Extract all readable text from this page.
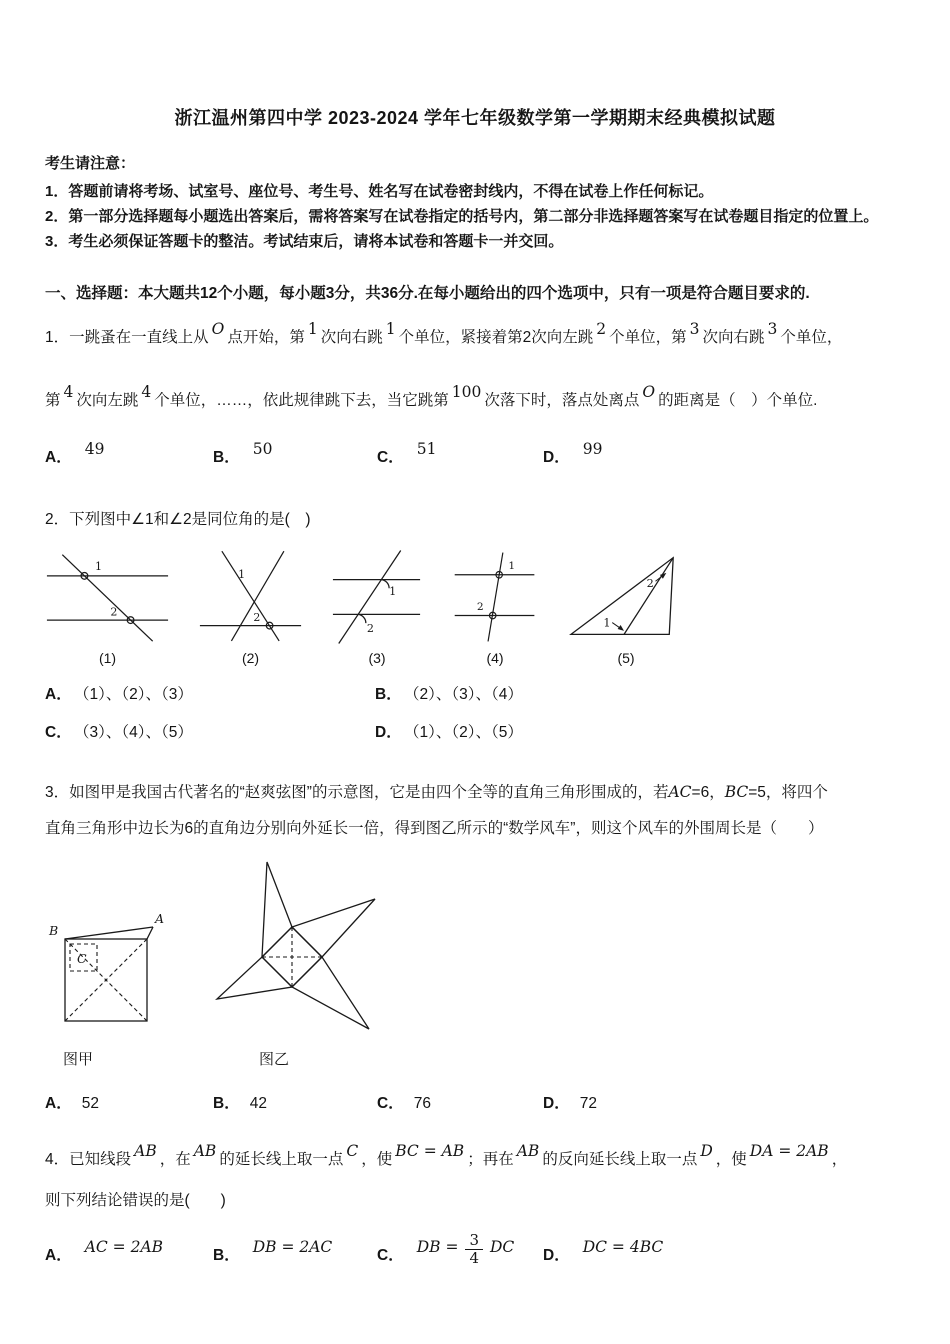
浙江温州第四中学 2023-2024 学年七年级数学第一学期期末经典模拟试题

考生请注意：

1．答题前请将考场、试室号、座位号、考生号、姓名写在试卷密封线内，不得在试卷上作任何标记。

2．第一部分选择题每小题选出答案后，需将答案写在试卷指定的括号内，第二部分非选择题答案写在试卷题目指定的位置上。

3．考生必须保证答题卡的整洁。考试结束后，请将本试卷和答题卡一并交回。

一、选择题：本大题共12个小题，每小题3分，共36分.在每小题给出的四个选项中，只有一项是符合题目要求的.

1．一跳蚤在一直线上从 O 点开始，第 1 次向右跳 1 个单位，紧接着第2次向左跳 2 个单位，第 3 次向右跳 3 个单位，

第 4 次向左跳 4 个单位，……，依此规律跳下去，当它跳第 100 次落下时，落点处离点 O 的距离是（　）个单位.

A． 49	B． 50	C． 51	D． 99

2．下列图中∠1和∠2是同位角的是(　)

1
2
(1)
1
2
(2)
1
2
(3)
1
2
(4)
1
2
(5)
A． （1）、（2）、（3）	B． （2）、（3）、（4）
C． （3）、（4）、（5）	D． （1）、（2）、（5）

3．如图甲是我国古代著名的“赵爽弦图”的示意图，它是由四个全等的直角三角形围成的，若AC=6，BC=5，将四个

直角三角形中边长为6的直角边分别向外延长一倍，得到图乙所示的“数学风车”，则这个风车的外围周长是（　　）

B
A
C
图甲	图乙
A． 52	B． 42	C． 76	D． 72

4．已知线段 AB ，在 AB 的延长线上取一点 C ，使 BC = AB ；再在 AB 的反向延长线上取一点 D ，使 DA = 2AB ，

则下列结论错误的是(　　)

A． AC = 2AB	B． DB = 2AC	C． DB = $\frac{3}{4}$ DC	D． DC = 4BC
